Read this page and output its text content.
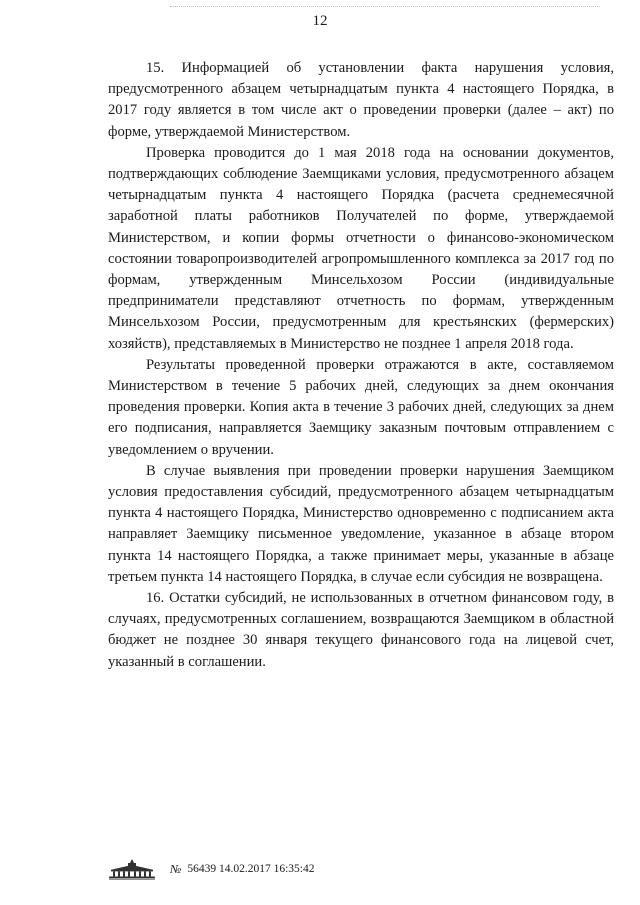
12

15. Информацией об установлении факта нарушения условия, предусмотренного абзацем четырнадцатым пункта 4 настоящего Порядка, в 2017 году является в том числе акт о проведении проверки (далее – акт) по форме, утверждаемой Министерством.

Проверка проводится до 1 мая 2018 года на основании документов, подтверждающих соблюдение Заемщиками условия, предусмотренного абзацем четырнадцатым пункта 4 настоящего Порядка (расчета среднемесячной заработной платы работников Получателей по форме, утверждаемой Министерством, и копии формы отчетности о финансово-экономическом состоянии товаропроизводителей агропромышленного комплекса за 2017 год по формам, утвержденным Минсельхозом России (индивидуальные предприниматели представляют отчетность по формам, утвержденным Минсельхозом России, предусмотренным для крестьянских (фермерских) хозяйств), представляемых в Министерство не позднее 1 апреля 2018 года.

Результаты проведенной проверки отражаются в акте, составляемом Министерством в течение 5 рабочих дней, следующих за днем окончания проведения проверки. Копия акта в течение 3 рабочих дней, следующих за днем его подписания, направляется Заемщику заказным почтовым отправлением с уведомлением о вручении.

В случае выявления при проведении проверки нарушения Заемщиком условия предоставления субсидий, предусмотренного абзацем четырнадцатым пункта 4 настоящего Порядка, Министерство одновременно с подписанием акта направляет Заемщику письменное уведомление, указанное в абзаце втором пункта 14 настоящего Порядка, а также принимает меры, указанные в абзаце третьем пункта 14 настоящего Порядка, в случае если субсидия не возвращена.

16. Остатки субсидий, не использованных в отчетном финансовом году, в случаях, предусмотренных соглашением, возвращаются Заемщиком в областной бюджет не позднее 30 января текущего финансового года на лицевой счет, указанный в соглашении.

№ 56439 14.02.2017 16:35:42
